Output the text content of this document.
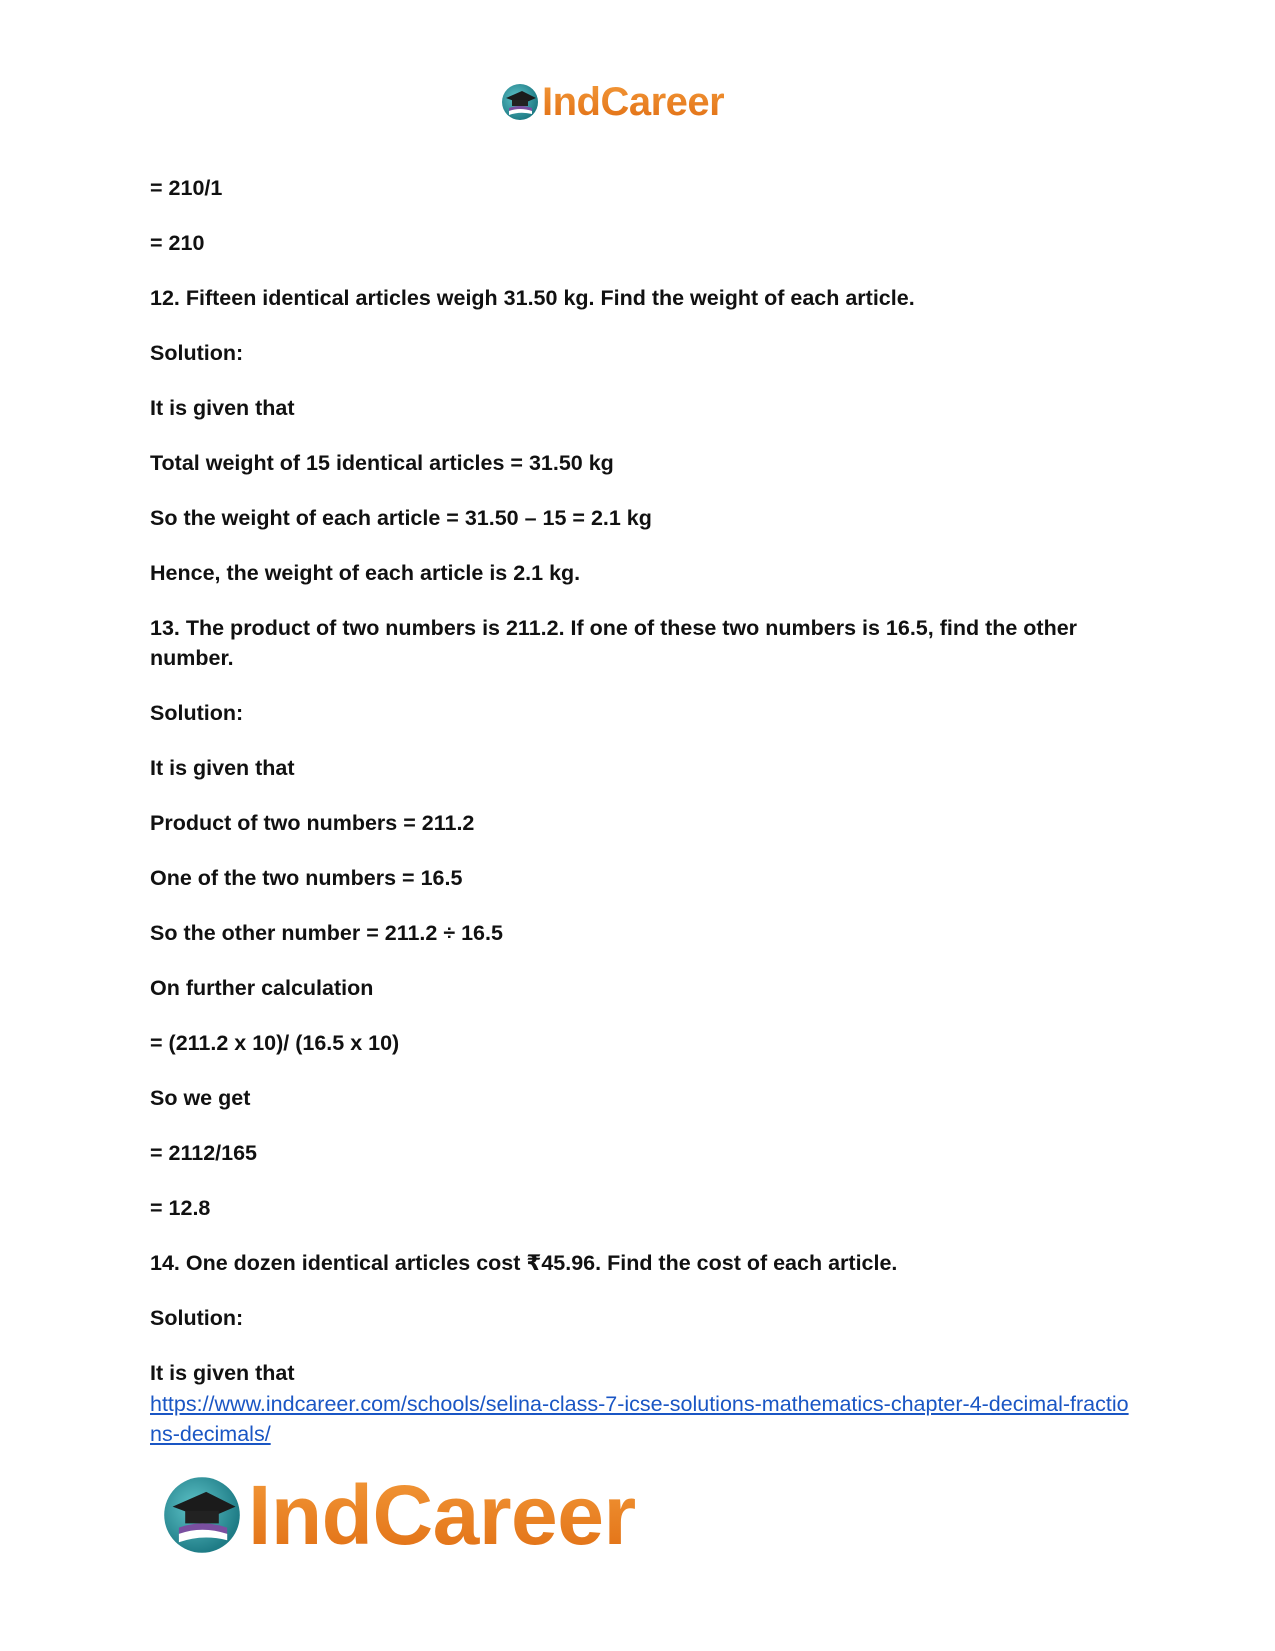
IndCareer

= 210/1

= 210

12. Fifteen identical articles weigh 31.50 kg. Find the weight of each article.

Solution:

It is given that

Total weight of 15 identical articles = 31.50 kg

So the weight of each article = 31.50 – 15 = 2.1 kg

Hence, the weight of each article is 2.1 kg.

13. The product of two numbers is 211.2. If one of these two numbers is 16.5, find the other number.

Solution:

It is given that

Product of two numbers = 211.2

One of the two numbers = 16.5

So the other number = 211.2 ÷ 16.5

On further calculation

= (211.2 x 10)/ (16.5 x 10)

So we get

= 2112/165

= 12.8

14. One dozen identical articles cost ₹45.96. Find the cost of each article.

Solution:

It is given that

https://www.indcareer.com/schools/selina-class-7-icse-solutions-mathematics-chapter-4-decimal-fractions-decimals/
IndCareer
